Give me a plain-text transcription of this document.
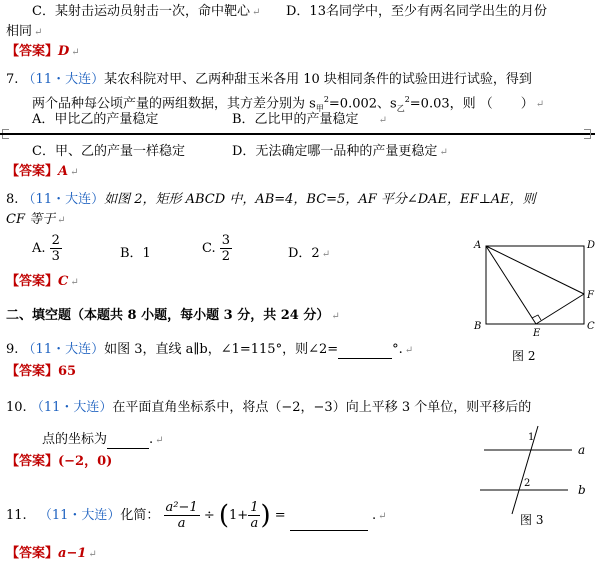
C．某射击运动员射击一次，命中靶心 ↵ D．13名同学中，至少有两名同学出生的月份
相同 ↵
【答案】D ↵
7. （11・大连）某农科院对甲、乙两种甜玉米各用 10 块相同条件的试验田进行试验，得到
两个品种每公顷产量的两组数据，其方差分别为 $s_甲^2=0.002$、$s_乙^2=0.03$，则 （ ） ↵
A．甲比乙的产量稳定	B．乙比甲的产量稳定 ↵
C．甲、乙的产量一样稳定	D．无法确定哪一品种的产量更稳定 ↵
【答案】A ↵
8. （11・大连）如图 2，矩形 ABCD 中，AB=4，BC=5，AF 平分∠DAE，EF⊥AE，则
CF 等于 ↵
A. $\frac{2}{3}$	B．1	C. $\frac{3}{2}$	D．2 ↵
【答案】C ↵
二、填空题（本题共 8 小题，每小题 3 分，共 24 分） ↵
9. （11・大连）如图 3，直线 a∥b，∠1=115°，则∠2=	°. ↵
【答案】65
10. （11・大连）在平面直角坐标系中，将点（−2，−3）向上平移 3 个单位，则平移后的
点的坐标为	. ↵
【答案】(−2，0)
11. （11・大连）化简： $\frac{\text{a²−1}}{a} \div (1+ \frac{1}{a}$ ) =	. ↵
【答案】a−1 ↵
A	D
B	C
E
F
图 2
1
2
a
b
图 3
